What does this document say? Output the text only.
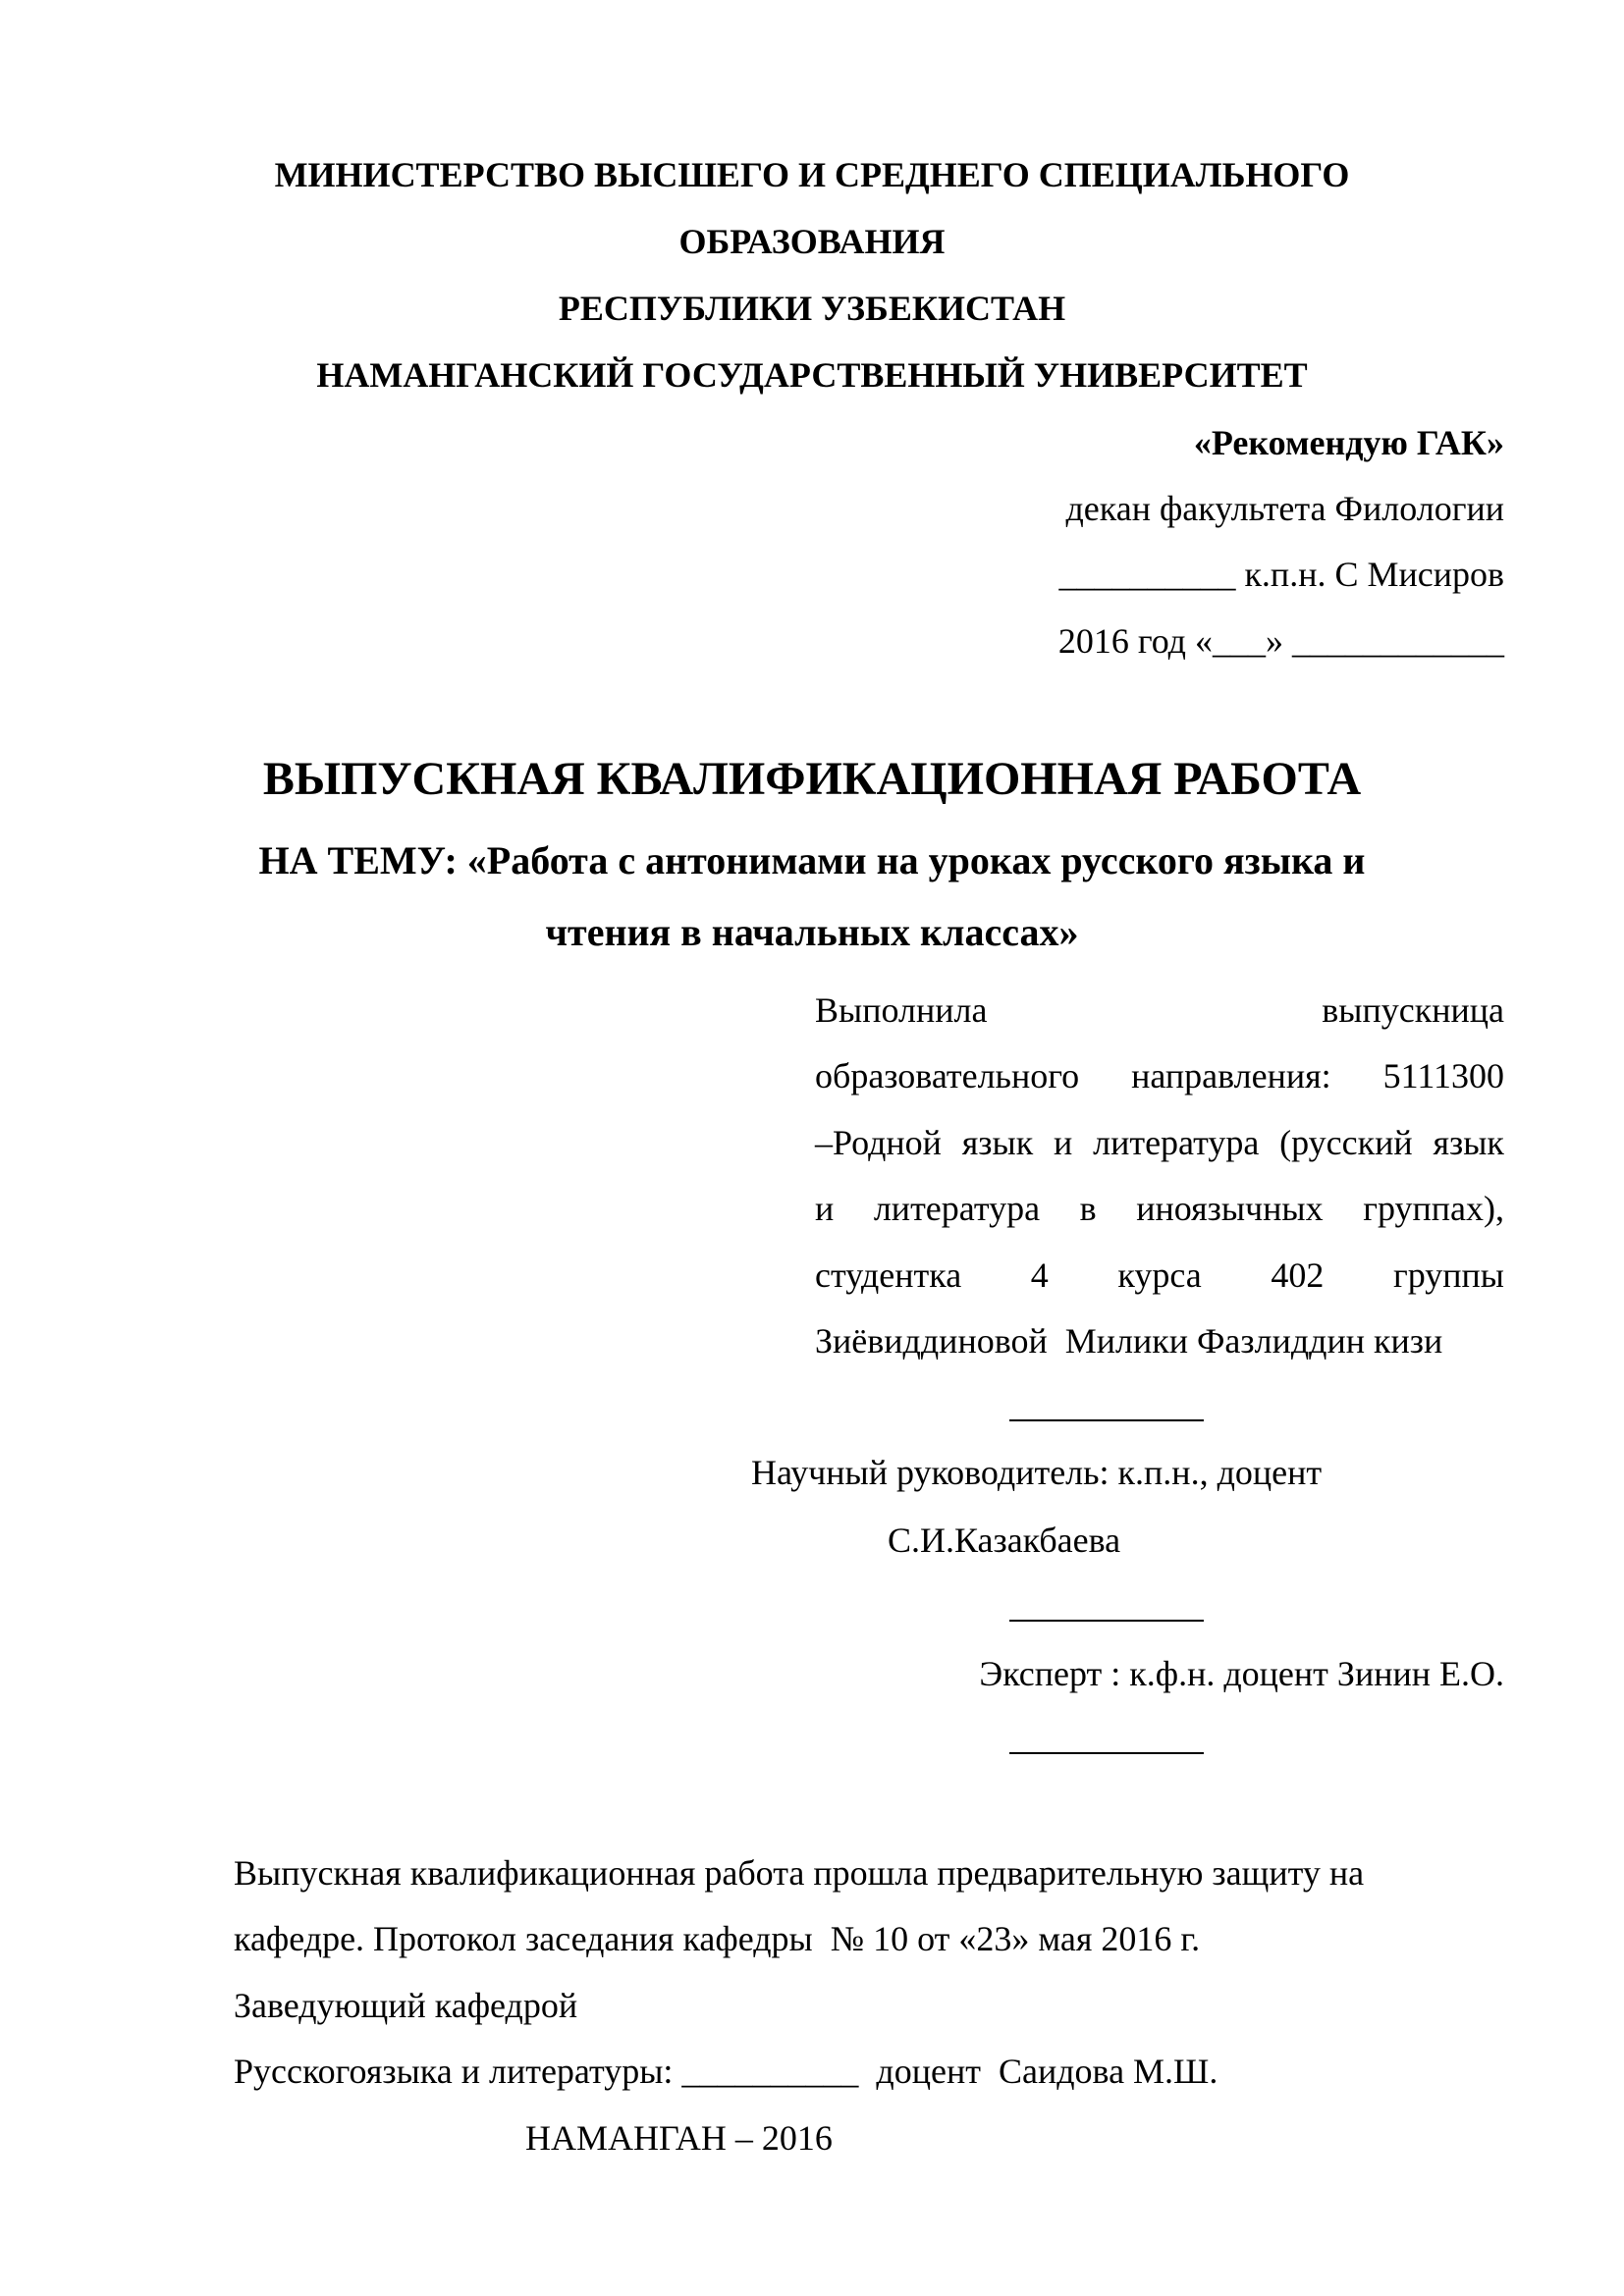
МИНИСТЕРСТВО ВЫСШЕГО И СРЕДНЕГО СПЕЦИАЛЬНОГО
ОБРАЗОВАНИЯ
РЕСПУБЛИКИ УЗБЕКИСТАН
НАМАНГАНСКИЙ ГОСУДАРСТВЕННЫЙ УНИВЕРСИТЕТ
«Рекомендую ГАК»
декан факультета Филологии
__________ к.п.н. С Мисиров
2016 год «___» ____________
ВЫПУСКНАЯ КВАЛИФИКАЦИОННАЯ РАБОТА
НА ТЕМУ: «Работа с антонимами на уроках русского языка и
чтения в начальных классах»
Выполнила	выпускница
образовательного направления: 5111300
–Родной язык и литература (русский язык
и литература в иноязычных группах),
студентка 4 курса 402 группы
Зиёвиддиновой  Милики Фазлиддин кизи
Научный руководитель: к.п.н., доцент
С.И.Казакбаева
Эксперт : к.ф.н. доцент Зинин Е.О.
Выпускная квалификационная работа прошла предварительную защиту на
кафедре. Протокол заседания кафедры  № 10 от «23» мая 2016 г.
Заведующий кафедрой
Русскогоязыка и литературы: __________  доцент  Саидова М.Ш.
НАМАНГАН – 2016
